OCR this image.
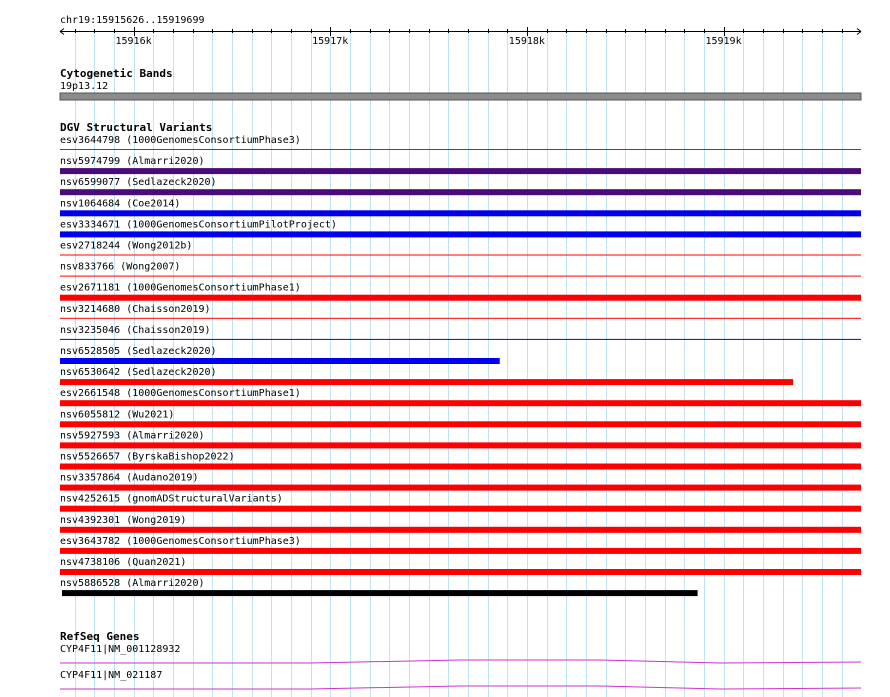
chr19:15915626..15919699
15916k	15917k	15918k	15919k
Cytogenetic Bands
19p13.12
DGV Structural Variants
esv3644798 (1000GenomesConsortiumPhase3)
nsv5974799 (Almarri2020)
nsv6599077 (Sedlazeck2020)
nsv1064684 (Coe2014)
esv3334671 (1000GenomesConsortiumPilotProject)
esv2718244 (Wong2012b)
nsv833766 (Wong2007)
esv2671181 (1000GenomesConsortiumPhase1)
nsv3214680 (Chaisson2019)
nsv3235046 (Chaisson2019)
nsv6528505 (Sedlazeck2020)
nsv6530642 (Sedlazeck2020)
esv2661548 (1000GenomesConsortiumPhase1)
nsv6055812 (Wu2021)
nsv5927593 (Almarri2020)
nsv5526657 (ByrskaBishop2022)
nsv3357864 (Audano2019)
nsv4252615 (gnomADStructuralVariants)
nsv4392301 (Wong2019)
esv3643782 (1000GenomesConsortiumPhase3)
nsv4738106 (Quan2021)
nsv5886528 (Almarri2020)
RefSeq Genes
CYP4F11|NM_001128932
CYP4F11|NM_021187
